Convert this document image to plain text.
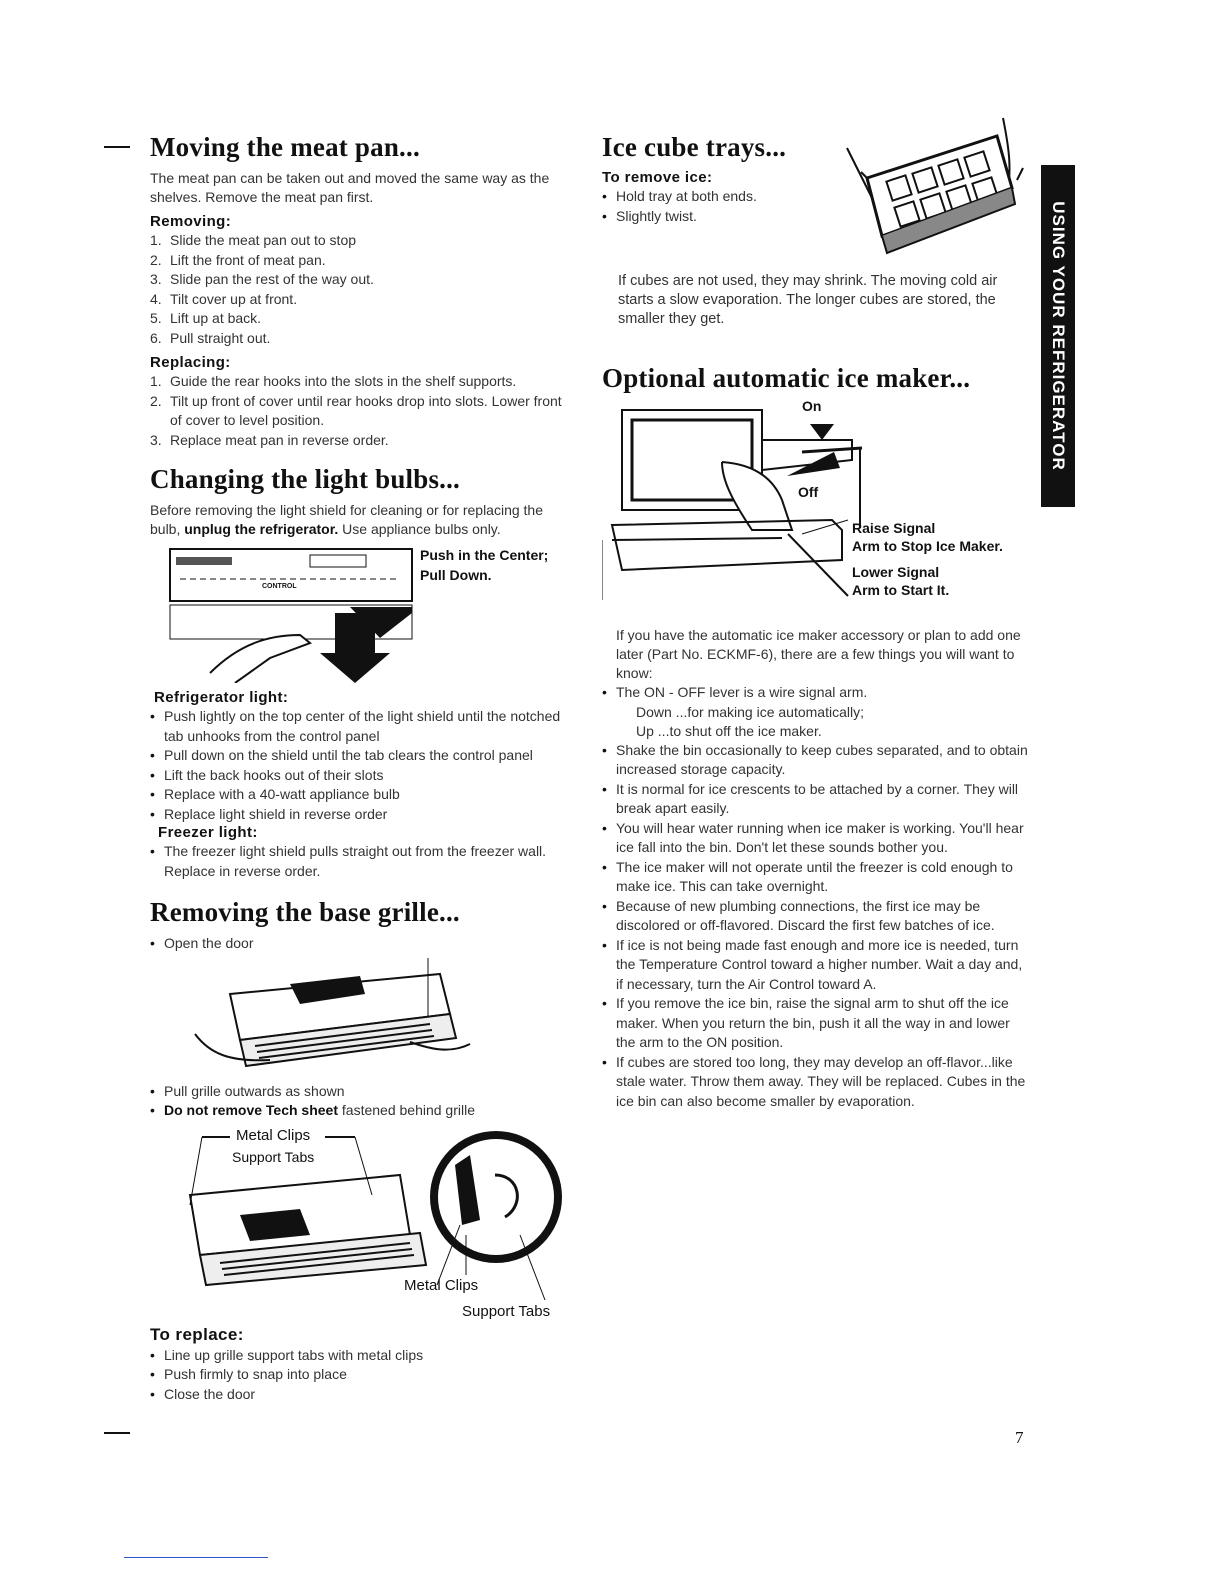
Moving the meat pan...

The meat pan can be taken out and moved the same way as the shelves. Remove the meat pan first.

Removing:
1. Slide the meat pan out to stop
2. Lift the front of meat pan.
3. Slide pan the rest of the way out.
4. Tilt cover up at front.
5. Lift up at back.
6. Pull straight out.
Replacing:
1. Guide the rear hooks into the slots in the shelf supports.
2. Tilt up front of cover until rear hooks drop into slots. Lower front of cover to level position.
3. Replace meat pan in reverse order.
Changing the light bulbs...

Before removing the light shield for cleaning or for replacing the bulb, unplug the refrigerator. Use appliance bulbs only.

Push in the Center; Pull Down.
CONTROL
Refrigerator light:
• Push lightly on the top center of the light shield until the notched tab unhooks from the control panel
• Pull down on the shield until the tab clears the control panel
• Lift the back hooks out of their slots
• Replace with a 40-watt appliance bulb
• Replace light shield in reverse order
Freezer light:
• The freezer light shield pulls straight out from the freezer wall. Replace in reverse order.
Removing the base grille...
• Open the door
• Pull grille outwards as shown
• Do not remove Tech sheet fastened behind grille
Metal Clips
Support Tabs
Metal Clips
Support Tabs
To replace:
• Line up grille support tabs with metal clips
• Push firmly to snap into place
• Close the door
Ice cube trays...
To remove ice:
• Hold tray at both ends.
• Slightly twist.

If cubes are not used, they may shrink. The moving cold air starts a slow evaporation. The longer cubes are stored, the smaller they get.

Optional automatic ice maker...
On
Off
Raise Signal
Arm to Stop Ice Maker.
Lower Signal
Arm to Start It.

If you have the automatic ice maker accessory or plan to add one later (Part No. ECKMF-6), there are a few things you will want to know:

• The ON - OFF lever is a wire signal arm.
Down ...for making ice automatically;
Up ...to shut off the ice maker.
• Shake the bin occasionally to keep cubes separated, and to obtain increased storage capacity.
• It is normal for ice crescents to be attached by a corner. They will break apart easily.
• You will hear water running when ice maker is working. You'll hear ice fall into the bin. Don't let these sounds bother you.
• The ice maker will not operate until the freezer is cold enough to make ice. This can take overnight.
• Because of new plumbing connections, the first ice may be discolored or off-flavored. Discard the first few batches of ice.
• If ice is not being made fast enough and more ice is needed, turn the Temperature Control toward a higher number. Wait a day and, if necessary, turn the Air Control toward A.
• If you remove the ice bin, raise the signal arm to shut off the ice maker. When you return the bin, push it all the way in and lower the arm to the ON position.
• If cubes are stored too long, they may develop an off-flavor...like stale water. Throw them away. They will be replaced. Cubes in the ice bin can also become smaller by evaporation.
USING YOUR REFRIGERATOR
7
